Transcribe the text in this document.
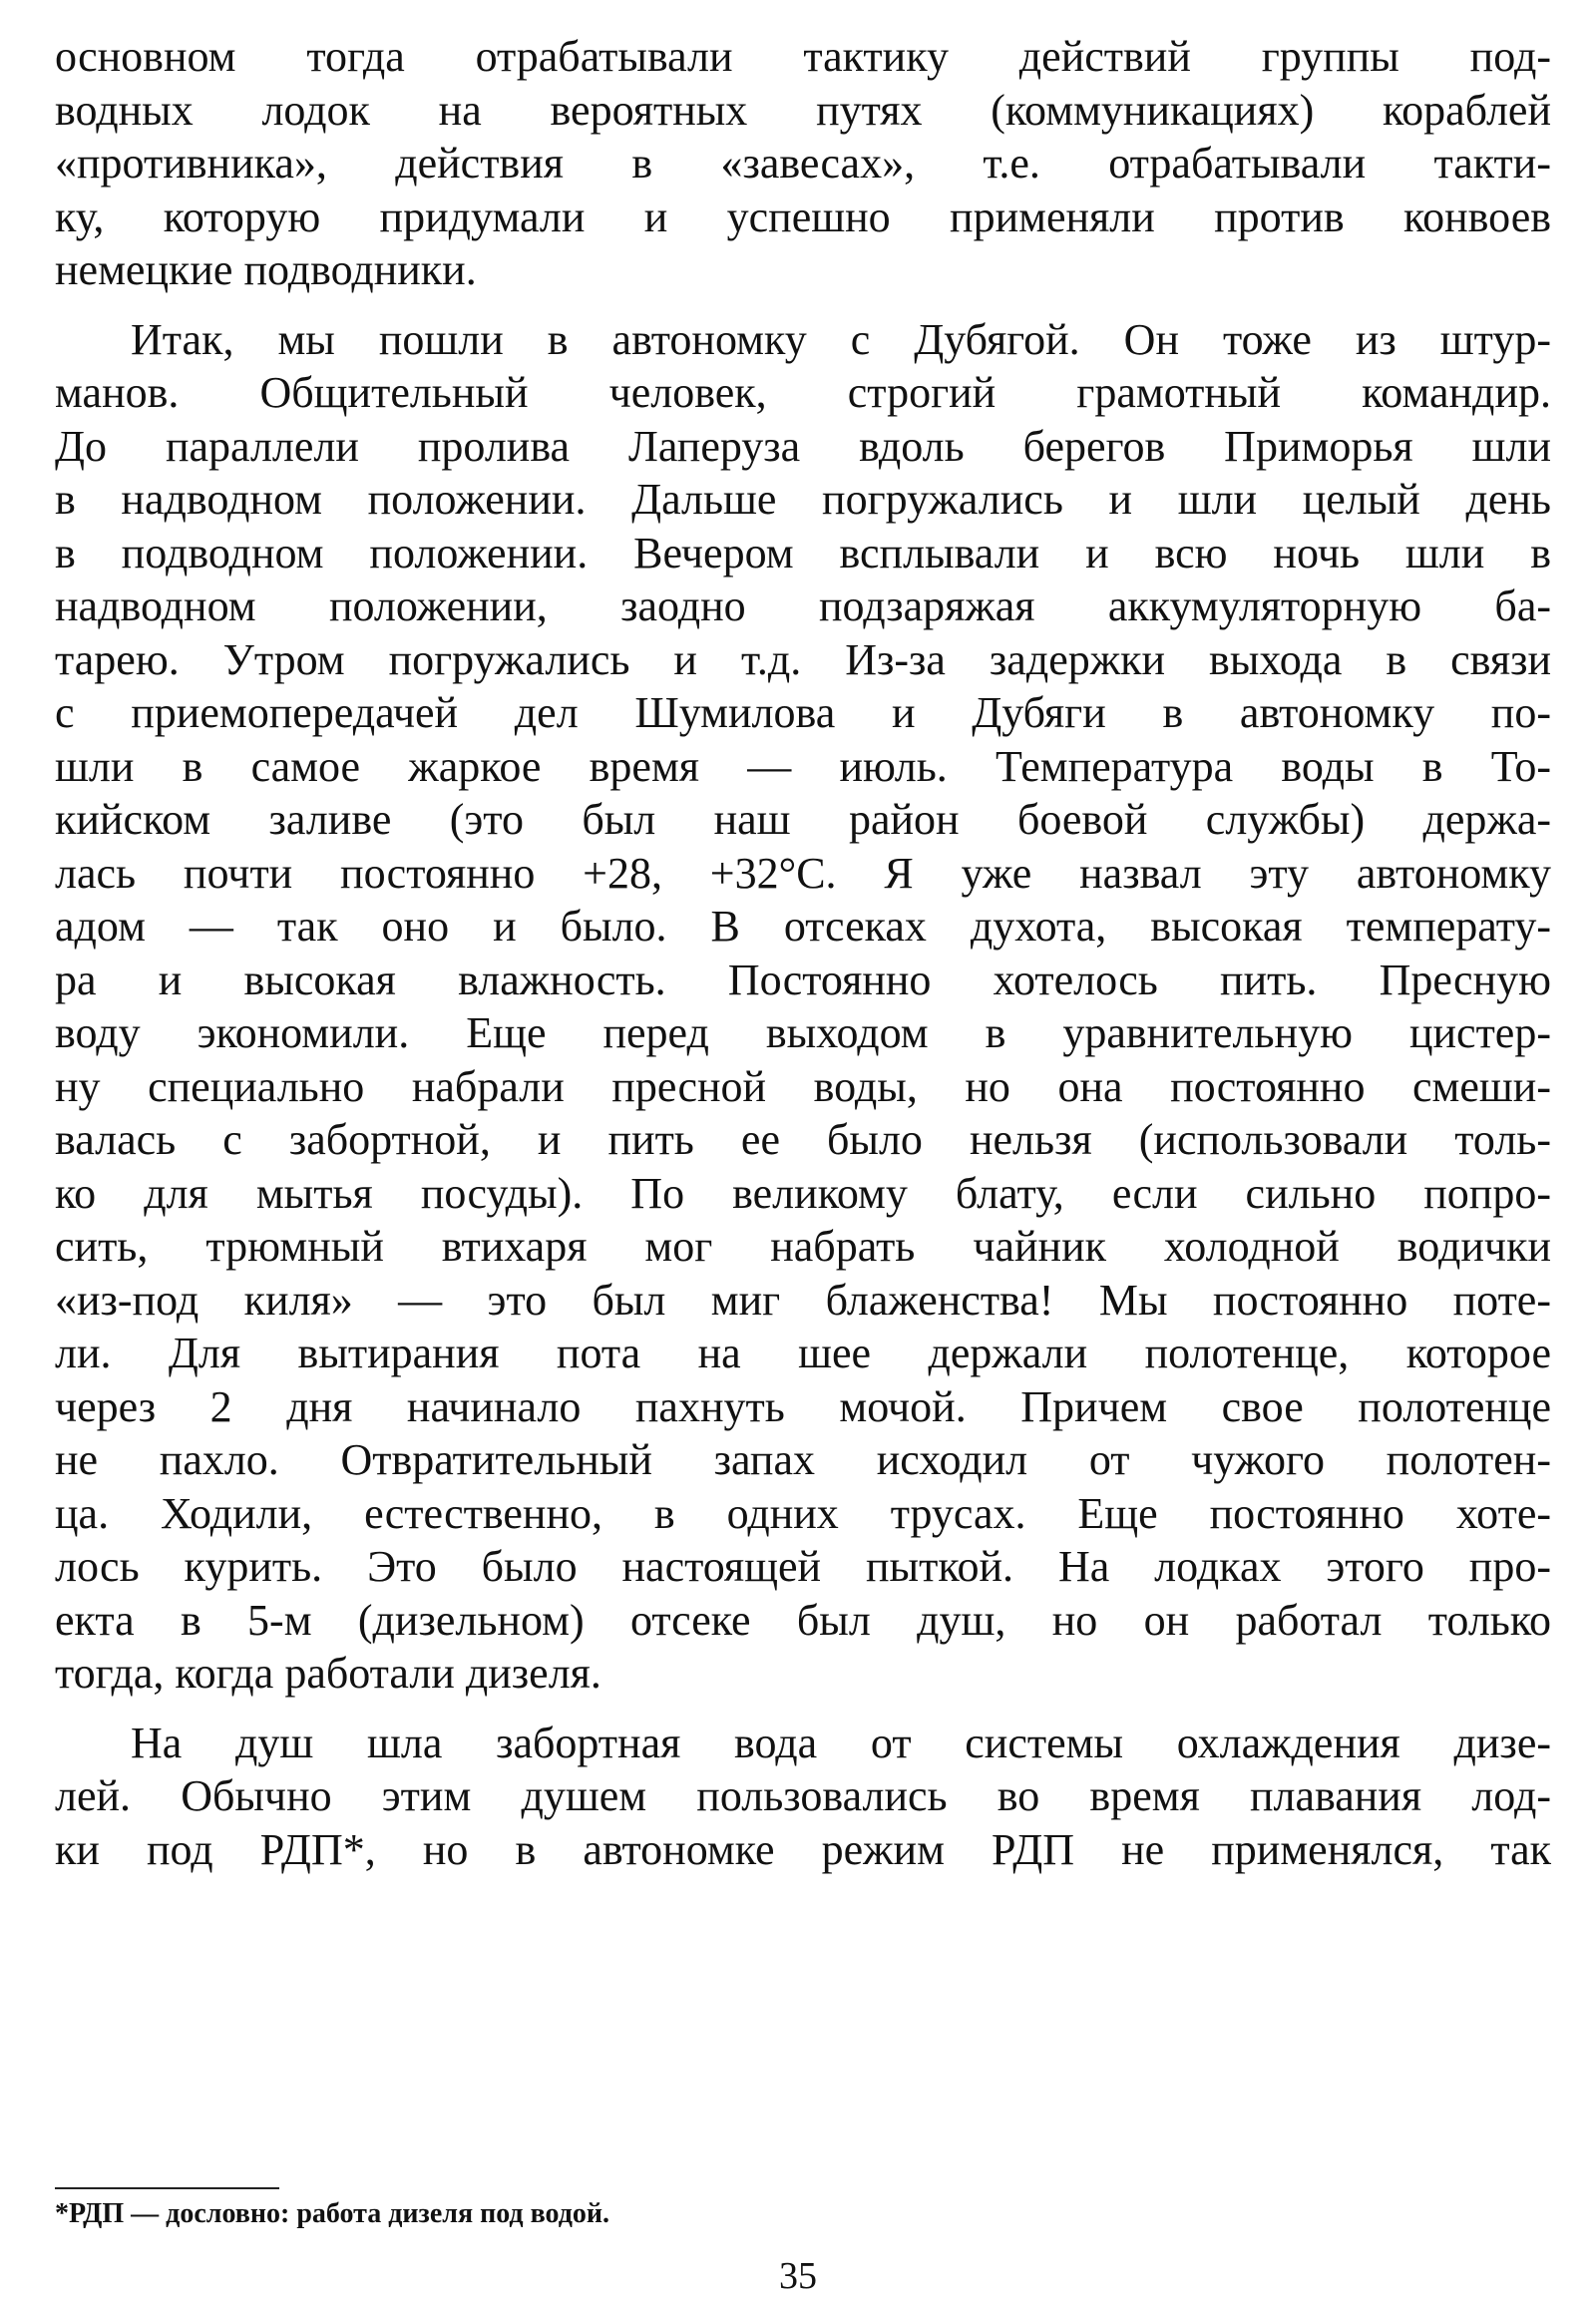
основном тогда отрабатывали тактику действий группы под-
водных лодок на вероятных путях (коммуникациях) кораблей
«противника», действия в «завесах», т.е. отрабатывали такти-
ку, которую придумали и успешно применяли против конвоев
немецкие подводники.
Итак, мы пошли в автономку с Дубягой. Он тоже из штур-
манов. Общительный человек, строгий грамотный командир.
До параллели пролива Лаперуза вдоль берегов Приморья шли
в надводном положении. Дальше погружались и шли целый день
в подводном положении. Вечером всплывали и всю ночь шли в
надводном положении, заодно подзаряжая аккумуляторную ба-
тарею. Утром погружались и т.д. Из-за задержки выхода в связи
с приемопередачей дел Шумилова и Дубяги в автономку по-
шли в самое жаркое время — июль. Температура воды в То-
кийском заливе (это был наш район боевой службы) держа-
лась почти постоянно +28, +32°С. Я уже назвал эту автономку
адом — так оно и было. В отсеках духота, высокая температу-
ра и высокая влажность. Постоянно хотелось пить. Пресную
воду экономили. Еще перед выходом в уравнительную цистер-
ну специально набрали пресной воды, но она постоянно смеши-
валась с забортной, и пить ее было нельзя (использовали толь-
ко для мытья посуды). По великому блату, если сильно попро-
сить, трюмный втихаря мог набрать чайник холодной водички
«из-под киля» — это был миг блаженства! Мы постоянно поте-
ли. Для вытирания пота на шее держали полотенце, которое
через 2 дня начинало пахнуть мочой. Причем свое полотенце
не пахло. Отвратительный запах исходил от чужого полотен-
ца. Ходили, естественно, в одних трусах. Еще постоянно хоте-
лось курить. Это было настоящей пыткой. На лодках этого про-
екта в 5-м (дизельном) отсеке был душ, но он работал только
тогда, когда работали дизеля.
На душ шла забортная вода от системы охлаждения дизе-
лей. Обычно этим душем пользовались во время плавания лод-
ки под РДП*, но в автономке режим РДП не применялся, так
*РДП — дословно: работа дизеля под водой.
35
